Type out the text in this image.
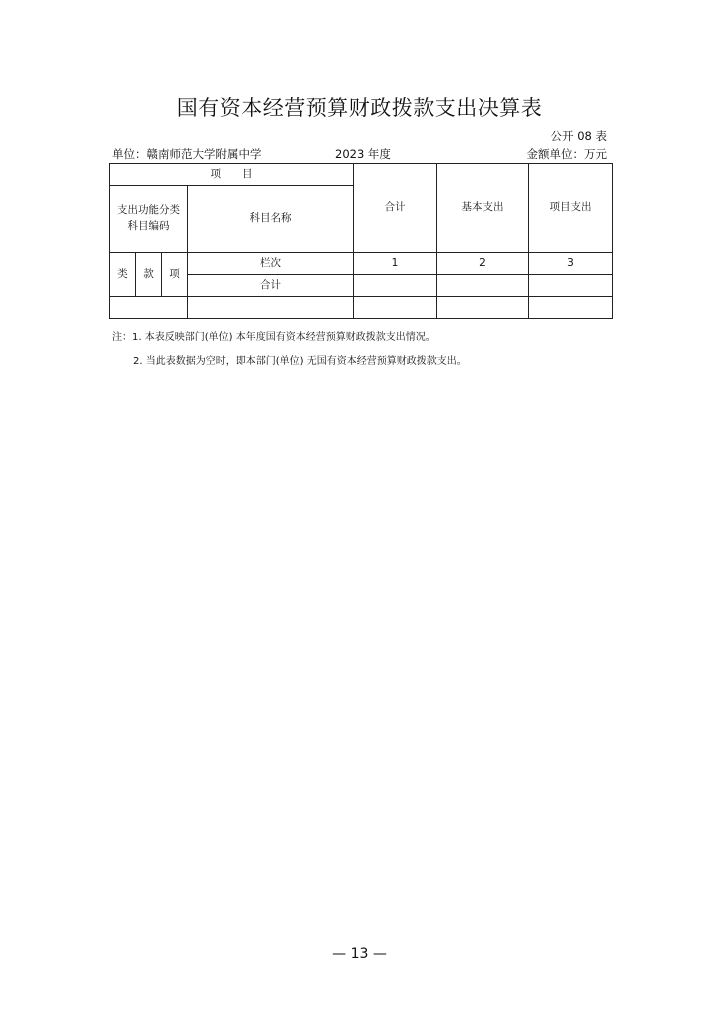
国有资本经营预算财政拨款支出决算表
公开 08 表
单位：赣南师范大学附属中学	2023 年度	金额单位：万元
项　　目				合计	基本支出	项目支出

支出功能分类
科目编码			科目名称			
类	款	项	栏次	1	2	3
			合计			

注：1. 本表反映部门(单位) 本年度国有资本经营预算财政拨款支出情况。
2. 当此表数据为空时，即本部门(单位) 无国有资本经营预算财政拨款支出。
— 13 —
